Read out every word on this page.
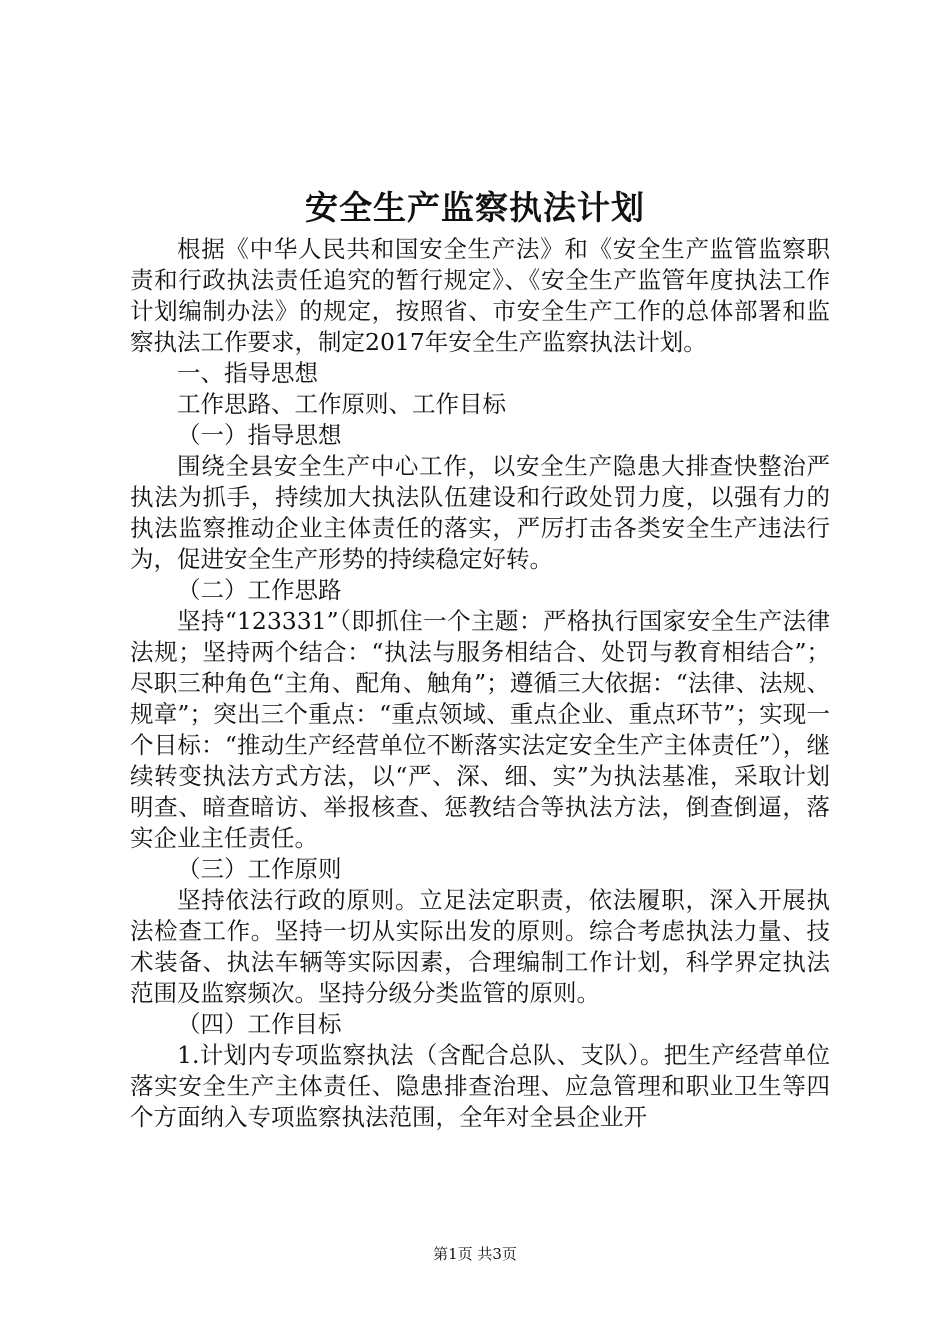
安全生产监察执法计划

根据《中华人民共和国安全生产法》和《安全生产监管监察职责和行政执法责任追究的暂行规定》、《安全生产监管年度执法工作计划编制办法》的规定，按照省、市安全生产工作的总体部署和监察执法工作要求，制定2017年安全生产监察执法计划。

一、指导思想

工作思路、工作原则、工作目标

（一）指导思想

围绕全县安全生产中心工作，以安全生产隐患大排查快整治严执法为抓手，持续加大执法队伍建设和行政处罚力度，以强有力的执法监察推动企业主体责任的落实，严厉打击各类安全生产违法行为，促进安全生产形势的持续稳定好转。

（二）工作思路

坚持“123331”（即抓住一个主题：严格执行国家安全生产法律法规；坚持两个结合：“执法与服务相结合、处罚与教育相结合”；尽职三种角色“主角、配角、触角”；遵循三大依据：“法律、法规、规章”；突出三个重点：“重点领域、重点企业、重点环节”；实现一个目标：“推动生产经营单位不断落实法定安全生产主体责任”），继续转变执法方式方法，以“严、深、细、实”为执法基准，采取计划明查、暗查暗访、举报核查、惩教结合等执法方法，倒查倒逼，落实企业主任责任。

（三）工作原则

坚持依法行政的原则。立足法定职责，依法履职，深入开展执法检查工作。坚持一切从实际出发的原则。综合考虑执法力量、技术装备、执法车辆等实际因素，合理编制工作计划，科学界定执法范围及监察频次。坚持分级分类监管的原则。

（四）工作目标

1.计划内专项监察执法（含配合总队、支队）。把生产经营单位落实安全生产主体责任、隐患排查治理、应急管理和职业卫生等四个方面纳入专项监察执法范围，全年对全县企业开

第1页 共3页
